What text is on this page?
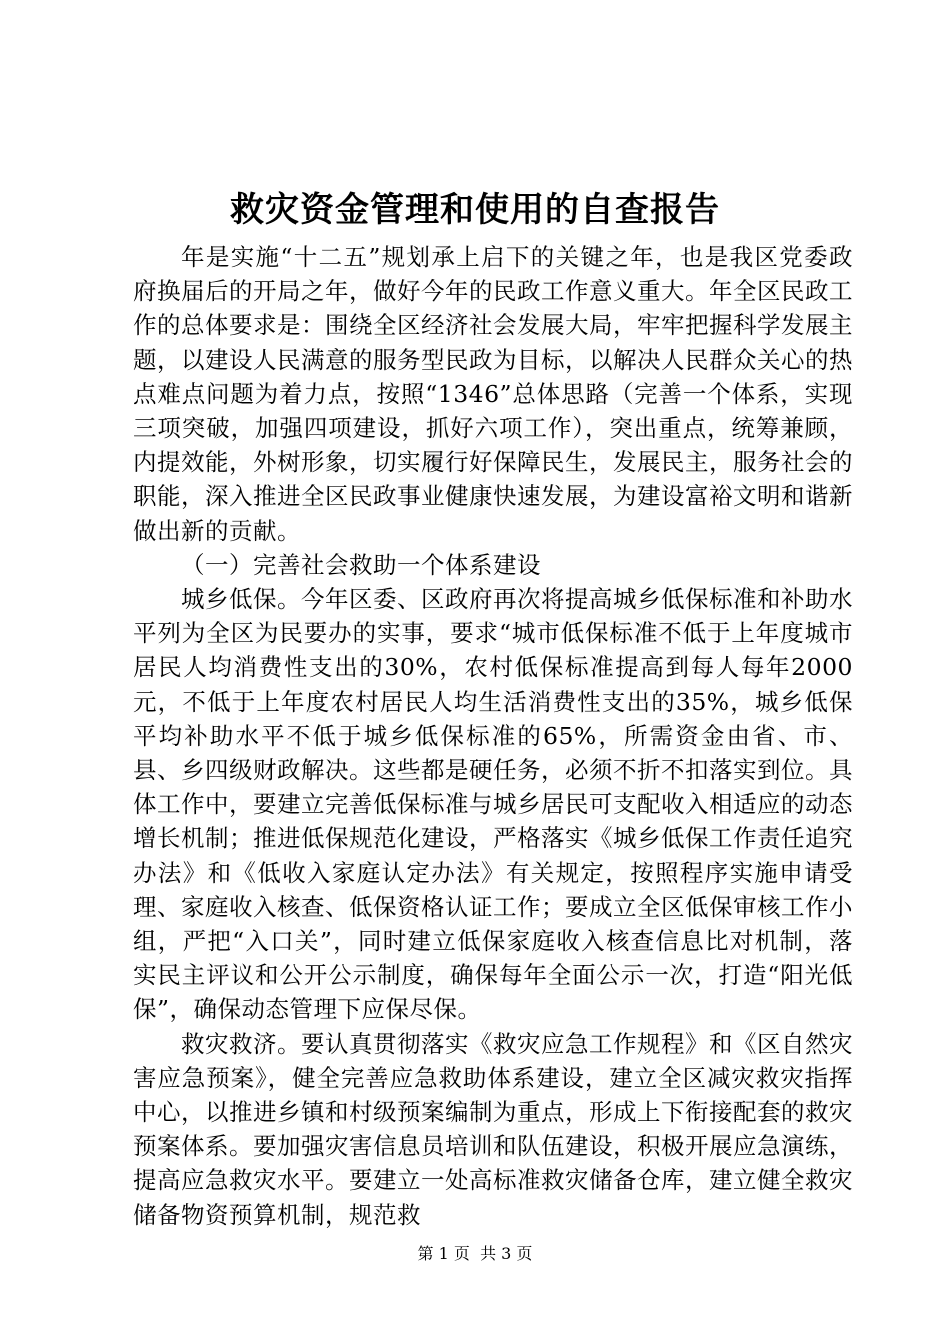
救灾资金管理和使用的自查报告

年是实施“十二五”规划承上启下的关键之年，也是我区党委政府换届后的开局之年，做好今年的民政工作意义重大。年全区民政工作的总体要求是：围绕全区经济社会发展大局，牢牢把握科学发展主题，以建设人民满意的服务型民政为目标，以解决人民群众关心的热点难点问题为着力点，按照“1346”总体思路（完善一个体系，实现三项突破，加强四项建设，抓好六项工作），突出重点，统筹兼顾，内提效能，外树形象，切实履行好保障民生，发展民主，服务社会的职能，深入推进全区民政事业健康快速发展，为建设富裕文明和谐新做出新的贡献。

（一）完善社会救助一个体系建设

城乡低保。今年区委、区政府再次将提高城乡低保标准和补助水平列为全区为民要办的实事，要求“城市低保标准不低于上年度城市居民人均消费性支出的30%，农村低保标准提高到每人每年2000元，不低于上年度农村居民人均生活消费性支出的35%，城乡低保平均补助水平不低于城乡低保标准的65%，所需资金由省、市、县、乡四级财政解决。这些都是硬任务，必须不折不扣落实到位。具体工作中，要建立完善低保标准与城乡居民可支配收入相适应的动态增长机制；推进低保规范化建设，严格落实《城乡低保工作责任追究办法》和《低收入家庭认定办法》有关规定，按照程序实施申请受理、家庭收入核查、低保资格认证工作；要成立全区低保审核工作小组，严把“入口关”，同时建立低保家庭收入核查信息比对机制，落实民主评议和公开公示制度，确保每年全面公示一次，打造“阳光低保”，确保动态管理下应保尽保。

救灾救济。要认真贯彻落实《救灾应急工作规程》和《区自然灾害应急预案》，健全完善应急救助体系建设，建立全区减灾救灾指挥中心，以推进乡镇和村级预案编制为重点，形成上下衔接配套的救灾预案体系。要加强灾害信息员培训和队伍建设，积极开展应急演练，提高应急救灾水平。要建立一处高标准救灾储备仓库，建立健全救灾储备物资预算机制，规范救

第 1 页  共 3 页
